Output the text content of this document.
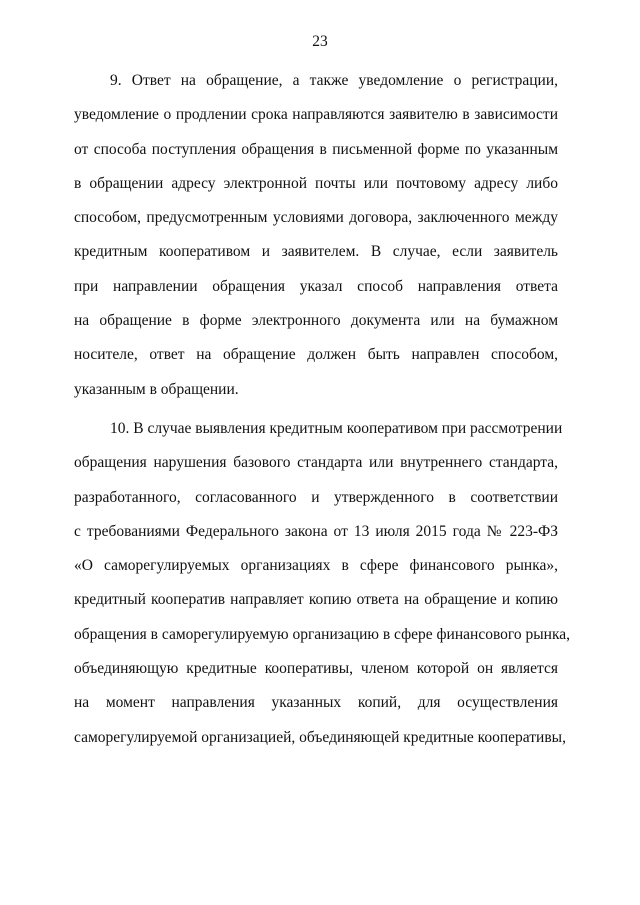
23
9. Ответ на обращение, а также уведомление о регистрации,
уведомление о продлении срока направляются заявителю в зависимости
от способа поступления обращения в письменной форме по указанным
в обращении адресу электронной почты или почтовому адресу либо
способом, предусмотренным условиями договора, заключенного между
кредитным кооперативом и заявителем. В случае, если заявитель
при направлении обращения указал способ направления ответа
на обращение в форме электронного документа или на бумажном
носителе, ответ на обращение должен быть направлен способом,
указанным в обращении.
10. В случае выявления кредитным кооперативом при рассмотрении
обращения нарушения базового стандарта или внутреннего стандарта,
разработанного, согласованного и утвержденного в соответствии
с требованиями Федерального закона от 13 июля 2015 года № 223-ФЗ
«О саморегулируемых организациях в сфере финансового рынка»,
кредитный кооператив направляет копию ответа на обращение и копию
обращения в саморегулируемую организацию в сфере финансового рынка,
объединяющую кредитные кооперативы, членом которой он является
на момент направления указанных копий, для осуществления
саморегулируемой организацией, объединяющей кредитные кооперативы,
